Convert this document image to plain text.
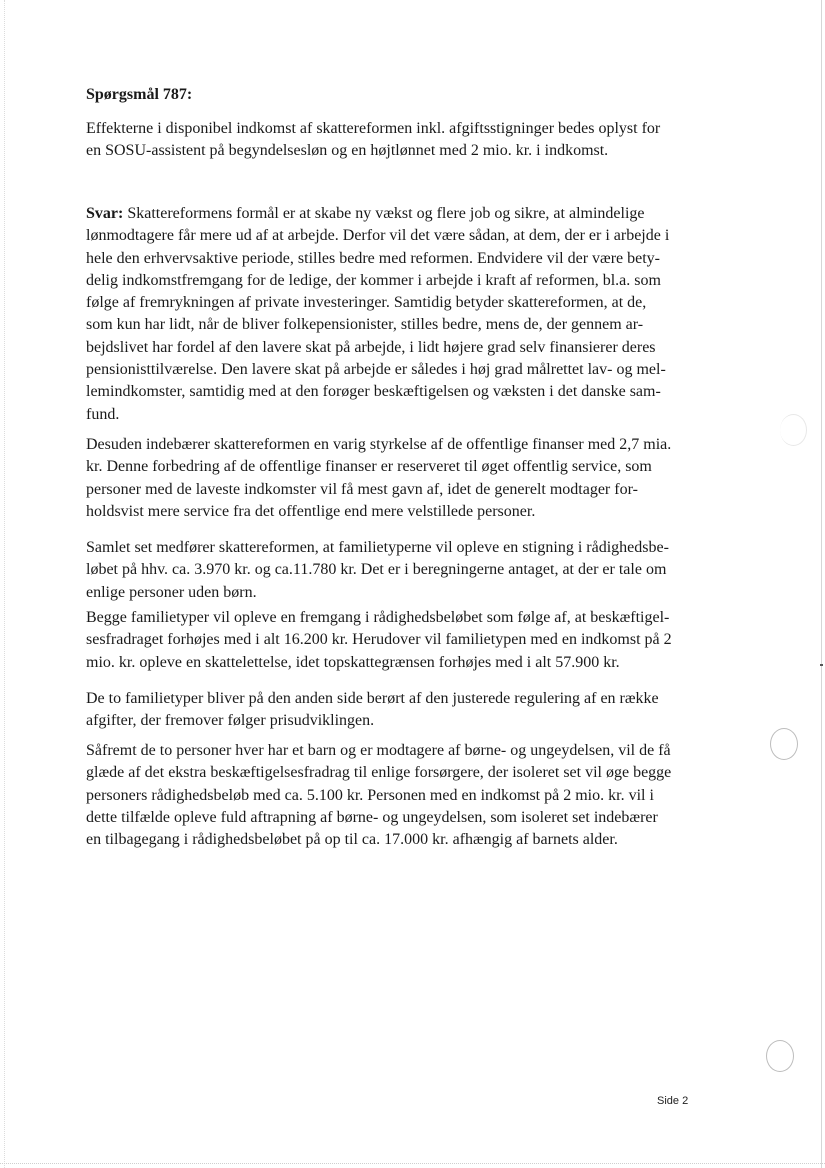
Spørgsmål 787:

Effekterne i disponibel indkomst af skattereformen inkl. afgiftsstigninger bedes oplyst for
en SOSU-assistent på begyndelsesløn og en højtlønnet med 2 mio. kr. i indkomst.

Svar: Skattereformens formål er at skabe ny vækst og flere job og sikre, at almindelige
lønmodtagere får mere ud af at arbejde. Derfor vil det være sådan, at dem, der er i arbejde i
hele den erhvervsaktive periode, stilles bedre med reformen. Endvidere vil der være bety-
delig indkomstfremgang for de ledige, der kommer i arbejde i kraft af reformen, bl.a. som
følge af fremrykningen af private investeringer. Samtidig betyder skattereformen, at de,
som kun har lidt, når de bliver folkepensionister, stilles bedre, mens de, der gennem ar-
bejdslivet har fordel af den lavere skat på arbejde, i lidt højere grad selv finansierer deres
pensionisttilværelse. Den lavere skat på arbejde er således i høj grad målrettet lav- og mel-
lemindkomster, samtidig med at den forøger beskæftigelsen og væksten i det danske sam-
fund.

Desuden indebærer skattereformen en varig styrkelse af de offentlige finanser med 2,7 mia.
kr. Denne forbedring af de offentlige finanser er reserveret til øget offentlig service, som
personer med de laveste indkomster vil få mest gavn af, idet de generelt modtager for-
holdsvist mere service fra det offentlige end mere velstillede personer.

Samlet set medfører skattereformen, at familietyperne vil opleve en stigning i rådighedsbe-
løbet på hhv. ca. 3.970 kr. og ca.11.780 kr. Det er i beregningerne antaget, at der er tale om
enlige personer uden børn.

Begge familietyper vil opleve en fremgang i rådighedsbeløbet som følge af, at beskæftigel-
sesfradraget forhøjes med i alt 16.200 kr. Herudover vil familietypen med en indkomst på 2
mio. kr. opleve en skattelettelse, idet topskattegrænsen forhøjes med i alt 57.900 kr.

De to familietyper bliver på den anden side berørt af den justerede regulering af en række
afgifter, der fremover følger prisudviklingen.

Såfremt de to personer hver har et barn og er modtagere af børne- og ungeydelsen, vil de få
glæde af det ekstra beskæftigelsesfradrag til enlige forsørgere, der isoleret set vil øge begge
personers rådighedsbeløb med ca. 5.100 kr. Personen med en indkomst på 2 mio. kr. vil i
dette tilfælde opleve fuld aftrapning af børne- og ungeydelsen, som isoleret set indebærer
en tilbagegang i rådighedsbeløbet på op til ca. 17.000 kr. afhængig af barnets alder.

Side 2
